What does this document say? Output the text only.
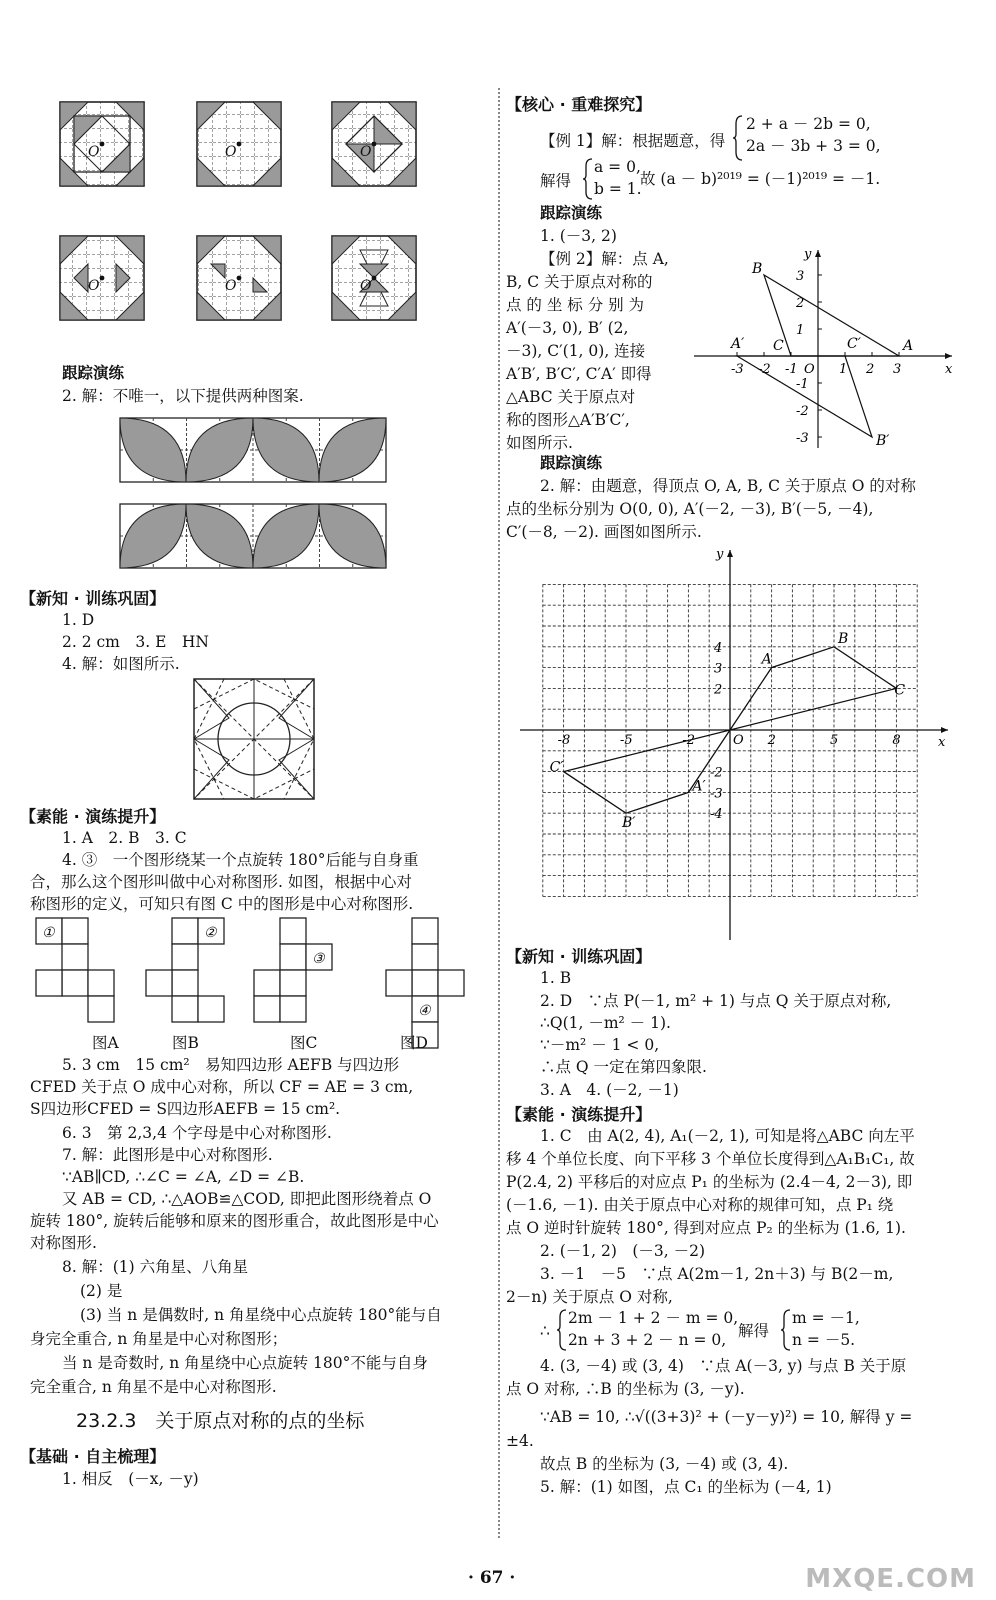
O	O	O
O	O	O
跟踪演练
2. 解：不唯一，以下提供两种图案.
【新知 · 训练巩固】
1. D
2. 2 cm　3. E　HN
4. 解：如图所示.
【素能 · 演练提升】
1. A　2. B　3. C
4. ③　一个图形绕某一个点旋转 180°后能与自身重
合，那么这个图形叫做中心对称图形. 如图，根据中心对
称图形的定义，可知只有图 C 中的图形是中心对称图形.
①	②
③
④
图A	图B	图C	图D
5. 3 cm　15 cm²　易知四边形 AEFB 与四边形
CFED 关于点 O 成中心对称，所以 CF = AE = 3 cm,
S四边形CFED = S四边形AEFB = 15 cm².
6. 3　第 2,3,4 个字母是中心对称图形.
7. 解：此图形是中心对称图形.
∵AB∥CD, ∴∠C = ∠A, ∠D = ∠B.
又 AB = CD, ∴△AOB≌△COD, 即把此图形绕着点 O
旋转 180°, 旋转后能够和原来的图形重合，故此图形是中心
对称图形.
8. 解：(1) 六角星、八角星
(2) 是
(3) 当 n 是偶数时, n 角星绕中心点旋转 180°能与自
身完全重合, n 角星是中心对称图形；
当 n 是奇数时, n 角星绕中心点旋转 180°不能与自身
完全重合, n 角星不是中心对称图形.
23.2.3　关于原点对称的点的坐标
【基础 · 自主梳理】
1. 相反　(－x, －y)
【核心 · 重难探究】
【例 1】解：根据题意，得
2 + a － 2b = 0,
2a － 3b + 3 = 0,
解得
a = 0,
b = 1.
故 (a － b)²⁰¹⁹ = (－1)²⁰¹⁹ = －1.
跟踪演练
1. (－3, 2)
【例 2】解：点 A,
B, C 关于原点对称的
点 的 坐 标 分 别 为
A′(－3, 0), B′ (2,
－3), C′(1, 0), 连接
A′B′, B′C′, C′A′ 即得
△ABC 关于原点对
称的图形△A′B′C′,
如图所示.
-3 -2 -1	1 2 3
3
2
1
-1
-2
-3
O	x
y
A
B
C
A′
B′
C′
跟踪演练
2. 解：由题意，得顶点 O, A, B, C 关于原点 O 的对称
点的坐标分别为 O(0, 0), A′(－2, －3), B′(－5, －4),
C′(－8, －2). 画图如图所示.
-8	-5	-2	2	5	8
4
3
2
-2
-3
-4
O	x
y
A
B
C
A′
B′
C′
【新知 · 训练巩固】
1. B
2. D　∵点 P(－1, m² + 1) 与点 Q 关于原点对称,
∴Q(1, －m² － 1).
∵－m² － 1 < 0,
∴点 Q 一定在第四象限.
3. A　4. (－2, －1)
【素能 · 演练提升】
1. C　由 A(2, 4), A₁(－2, 1), 可知是将△ABC 向左平
移 4 个单位长度、向下平移 3 个单位长度得到△A₁B₁C₁, 故
P(2.4, 2) 平移后的对应点 P₁ 的坐标为 (2.4－4, 2－3), 即
(－1.6, －1). 由关于原点中心对称的规律可知，点 P₁ 绕
点 O 逆时针旋转 180°, 得到对应点 P₂ 的坐标为 (1.6, 1).
2. (－1, 2)　(－3, －2)
3. －1　－5　∵点 A(2m－1, 2n＋3) 与 B(2－m,
2－n) 关于原点 O 对称,
∴
2m － 1 + 2 － m = 0,
2n + 3 + 2 － n = 0, 解得
m = －1,
n = －5.
4. (3, －4) 或 (3, 4)　∵点 A(－3, y) 与点 B 关于原
点 O 对称, ∴B 的坐标为 (3, －y).
∵AB = 10, ∴√((3+3)² + (－y－y)²) = 10, 解得 y =
±4.
故点 B 的坐标为 (3, －4) 或 (3, 4).
5. 解：(1) 如图，点 C₁ 的坐标为 (－4, 1)
· 67 ·	MXQE.COM
